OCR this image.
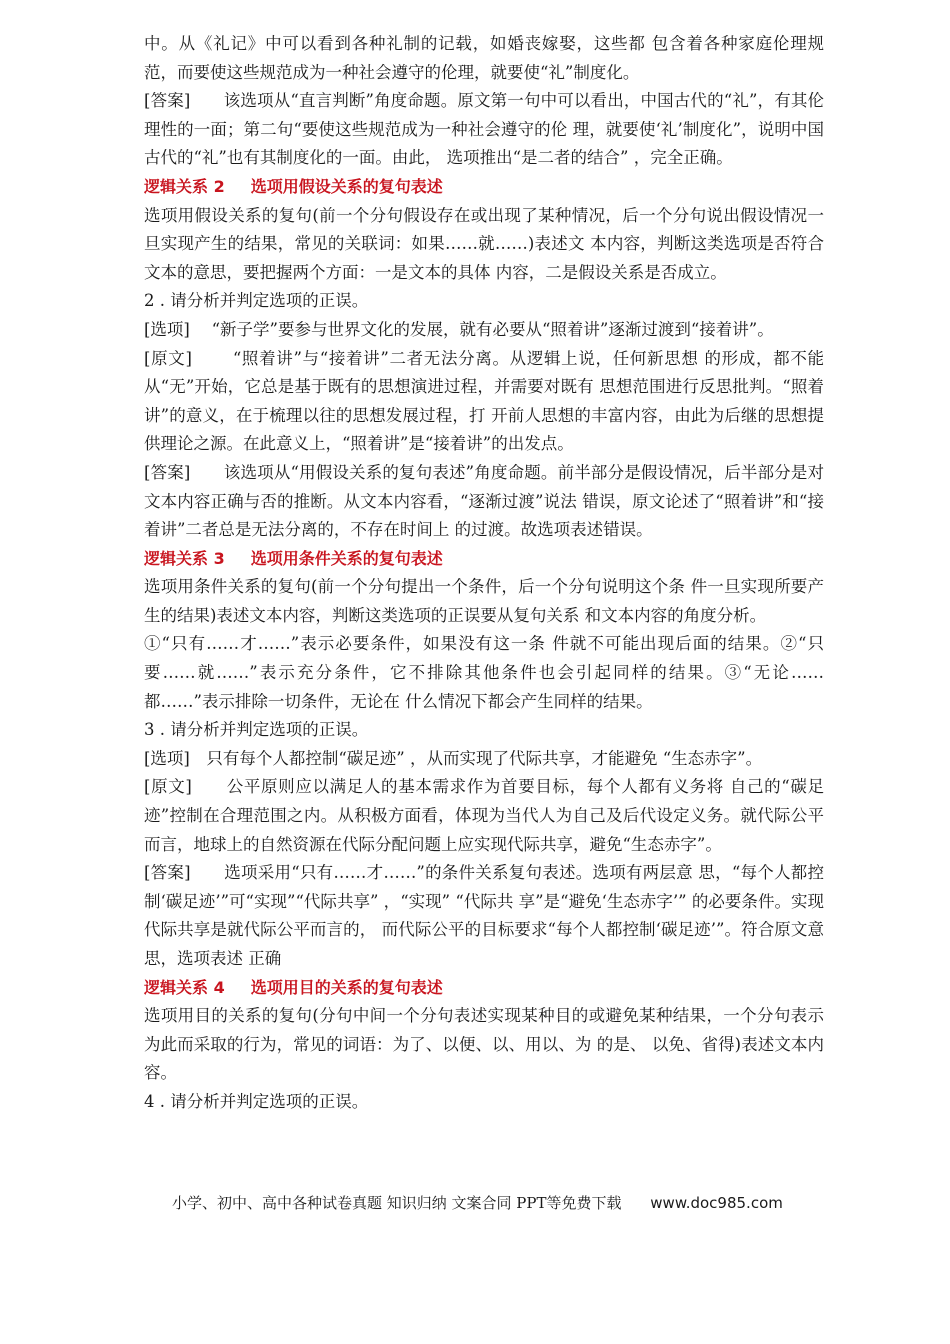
中。从《礼记》中可以看到各种礼制的记载，如婚丧嫁娶，这些都 包含着各种家庭伦理规范，而要使这些规范成为一种社会遵守的伦理，就要使“礼”制度化。

[答案]　　该选项从“直言判断”角度命题。原文第一句中可以看出，中国古代的“礼”，有其伦理性的一面；第二句“要使这些规范成为一种社会遵守的伦 理，就要使‘礼’制度化”，说明中国古代的“礼”也有其制度化的一面。由此， 选项推出“是二者的结合” ，完全正确。

逻辑关系 2 选项用假设关系的复句表述

选项用假设关系的复句(前一个分句假设存在或出现了某种情况，后一个分句说出假设情况一旦实现产生的结果，常见的关联词：如果……就……)表述文 本内容，判断这类选项是否符合文本的意思，要把握两个方面：一是文本的具体 内容，二是假设关系是否成立。

2 . 请分析并判定选项的正误。

[选项]　 “新子学”要参与世界文化的发展，就有必要从“照着讲”逐渐过渡到“接着讲”。

[原文]　　 “照着讲”与“接着讲”二者无法分离。从逻辑上说，任何新思想 的形成，都不能从“无”开始，它总是基于既有的思想演进过程，并需要对既有 思想范围进行反思批判。“照着讲”的意义，在于梳理以往的思想发展过程，打 开前人思想的丰富内容，由此为后继的思想提供理论之源。在此意义上，“照着讲”是“接着讲”的出发点。

[答案]　　该选项从“用假设关系的复句表述”角度命题。前半部分是假设情况，后半部分是对文本内容正确与否的推断。从文本内容看，“逐渐过渡”说法 错误，原文论述了“照着讲”和“接着讲”二者总是无法分离的，不存在时间上 的过渡。故选项表述错误。

逻辑关系 3 选项用条件关系的复句表述

选项用条件关系的复句(前一个分句提出一个条件，后一个分句说明这个条 件一旦实现所要产生的结果)表述文本内容，判断这类选项的正误要从复句关系 和文本内容的角度分析。

①“只有……才……”表示必要条件，如果没有这一条 件就不可能出现后面的结果。②“只要……就……”表示充分条件，它不排除其他条件也会引起同样的结果。③“无论……都……”表示排除一切条件，无论在 什么情况下都会产生同样的结果。

3 . 请分析并判定选项的正误。

[选项]　只有每个人都控制“碳足迹” ，从而实现了代际共享，才能避免 “生态赤字”。

[原文]　　公平原则应以满足人的基本需求作为首要目标，每个人都有义务将 自己的“碳足迹”控制在合理范围之内。从积极方面看，体现为当代人为自己及后代设定义务。就代际公平而言，地球上的自然资源在代际分配问题上应实现代际共享，避免“生态赤字”。

[答案]　　选项采用“只有……才……”的条件关系复句表述。选项有两层意 思，“每个人都控制‘碳足迹’”可“实现”“代际共享” ，“实现” “代际共 享”是“避免‘生态赤字’” 的必要条件。实现代际共享是就代际公平而言的， 而代际公平的目标要求“每个人都控制‘碳足迹’”。符合原文意思，选项表述 正确

逻辑关系 4 选项用目的关系的复句表述

选项用目的关系的复句(分句中间一个分句表述实现某种目的或避免某种结果，一个分句表示为此而采取的行为，常见的词语：为了、以便、以、用以、为 的是、 以免、省得)表述文本内容。

4 . 请分析并判定选项的正误。

小学、初中、高中各种试卷真题 知识归纳 文案合同 PPT等免费下载 www.doc985.com
